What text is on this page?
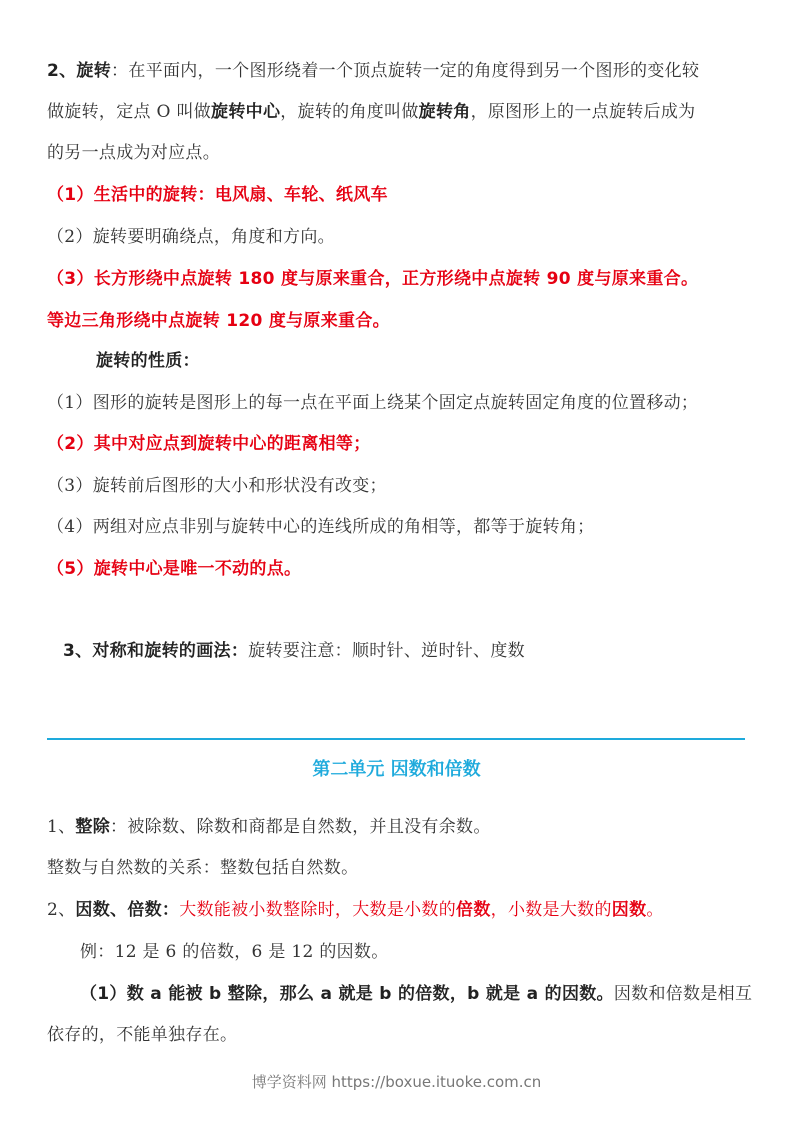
2、旋转：在平面内，一个图形绕着一个顶点旋转一定的角度得到另一个图形的变化较
做旋转，定点 O 叫做旋转中心，旋转的角度叫做旋转角，原图形上的一点旋转后成为
的另一点成为对应点。
（1）生活中的旋转：电风扇、车轮、纸风车
（2）旋转要明确绕点，角度和方向。
（3）长方形绕中点旋转 180 度与原来重合，正方形绕中点旋转 90 度与原来重合。
等边三角形绕中点旋转 120 度与原来重合。
旋转的性质：
（1）图形的旋转是图形上的每一点在平面上绕某个固定点旋转固定角度的位置移动；
（2）其中对应点到旋转中心的距离相等；
（3）旋转前后图形的大小和形状没有改变；
（4）两组对应点非别与旋转中心的连线所成的角相等，都等于旋转角；
（5）旋转中心是唯一不动的点。
3、对称和旋转的画法：旋转要注意：顺时针、逆时针、度数
第二单元 因数和倍数
1、整除：被除数、除数和商都是自然数，并且没有余数。
整数与自然数的关系：整数包括自然数。
2、因数、倍数：大数能被小数整除时，大数是小数的倍数，小数是大数的因数。
例：12 是 6 的倍数，6 是 12 的因数。
（1）数 a 能被 b 整除，那么 a 就是 b 的倍数，b 就是 a 的因数。因数和倍数是相互
依存的，不能单独存在。
博学资料网 https://boxue.ituoke.com.cn
